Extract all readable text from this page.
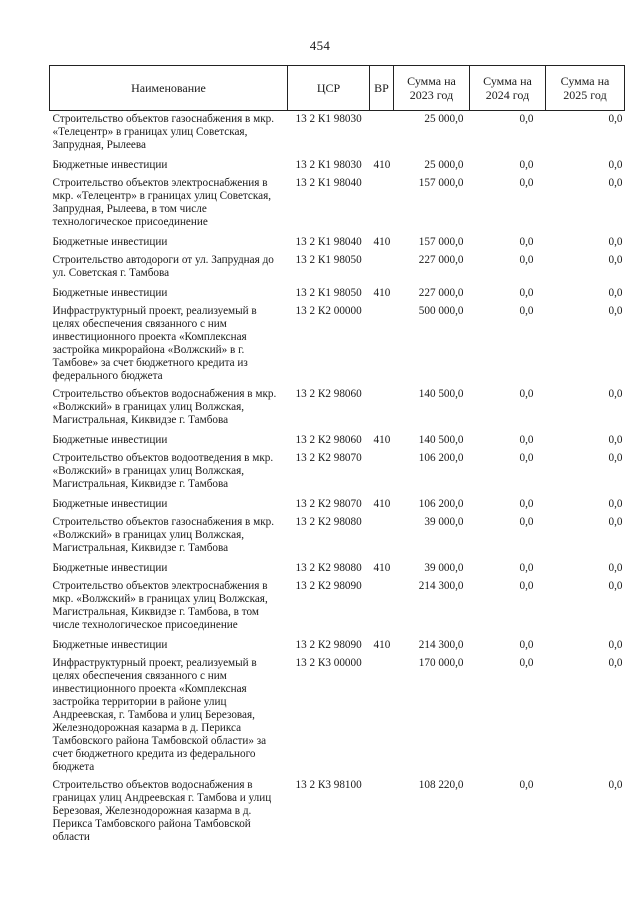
454
Наименование	ЦСР	ВР	Сумма на 2023 год	Сумма на 2024 год	Сумма на 2025 год
Строительство объектов газоснабжения в мкр. «Телецентр» в границах улиц Советская, Запрудная, Рылеева	13 2 К1 98030		25 000,0	0,0	0,0
Бюджетные инвестиции	13 2 К1 98030	410	25 000,0	0,0	0,0
Строительство объектов электроснабжения в мкр. «Телецентр» в границах улиц Советская, Запрудная, Рылеева, в том числе технологическое присоединение	13 2 К1 98040		157 000,0	0,0	0,0
Бюджетные инвестиции	13 2 К1 98040	410	157 000,0	0,0	0,0
Строительство автодороги от ул. Запрудная до ул. Советская г. Тамбова	13 2 К1 98050		227 000,0	0,0	0,0
Бюджетные инвестиции	13 2 К1 98050	410	227 000,0	0,0	0,0
Инфраструктурный проект, реализуемый в целях обеспечения связанного с ним инвестиционного проекта «Комплексная застройка микрорайона «Волжский» в г. Тамбове» за счет бюджетного кредита из федерального бюджета	13 2 К2 00000		500 000,0	0,0	0,0
Строительство объектов водоснабжения в мкр. «Волжский» в границах улиц Волжская, Магистральная, Киквидзе г. Тамбова	13 2 К2 98060		140 500,0	0,0	0,0
Бюджетные инвестиции	13 2 К2 98060	410	140 500,0	0,0	0,0
Строительство объектов водоотведения в мкр. «Волжский» в границах улиц Волжская, Магистральная, Киквидзе г. Тамбова	13 2 К2 98070		106 200,0	0,0	0,0
Бюджетные инвестиции	13 2 К2 98070	410	106 200,0	0,0	0,0
Строительство объектов газоснабжения в мкр. «Волжский» в границах улиц Волжская, Магистральная, Киквидзе г. Тамбова	13 2 К2 98080		39 000,0	0,0	0,0
Бюджетные инвестиции	13 2 К2 98080	410	39 000,0	0,0	0,0
Строительство объектов электроснабжения в мкр. «Волжский» в границах улиц Волжская, Магистральная, Киквидзе г. Тамбова, в том числе технологическое присоединение	13 2 К2 98090		214 300,0	0,0	0,0
Бюджетные инвестиции	13 2 К2 98090	410	214 300,0	0,0	0,0
Инфраструктурный проект, реализуемый в целях обеспечения связанного с ним инвестиционного проекта «Комплексная застройка территории в районе улиц Андреевская, г. Тамбова и улиц Березовая, Железнодорожная казарма в д. Перикса Тамбовского района Тамбовской области» за счет бюджетного кредита из федерального бюджета	13 2 К3 00000		170 000,0	0,0	0,0
Строительство объектов водоснабжения в границах улиц Андреевская г. Тамбова и улиц Березовая, Железнодорожная казарма в д. Перикса Тамбовского района Тамбовской области	13 2 К3 98100		108 220,0	0,0	0,0
